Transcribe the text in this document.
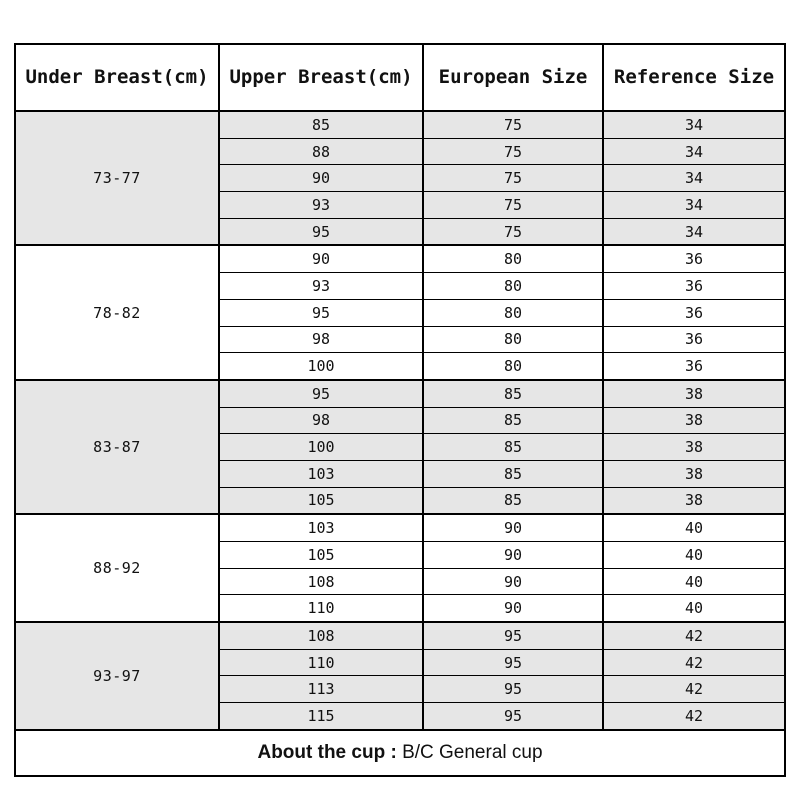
Under Breast(cm)	Upper Breast(cm)	European Size	Reference Size
73-77	85	75	34
	88	75	34
	90	75	34
	93	75	34
	95	75	34
78-82	90	80	36
	93	80	36
	95	80	36
	98	80	36
	100	80	36
83-87	95	85	38
	98	85	38
	100	85	38
	103	85	38
	105	85	38
88-92	103	90	40
	105	90	40
	108	90	40
	110	90	40
93-97	108	95	42
	110	95	42
	113	95	42
	115	95	42
About the cup : B/C General cup			
